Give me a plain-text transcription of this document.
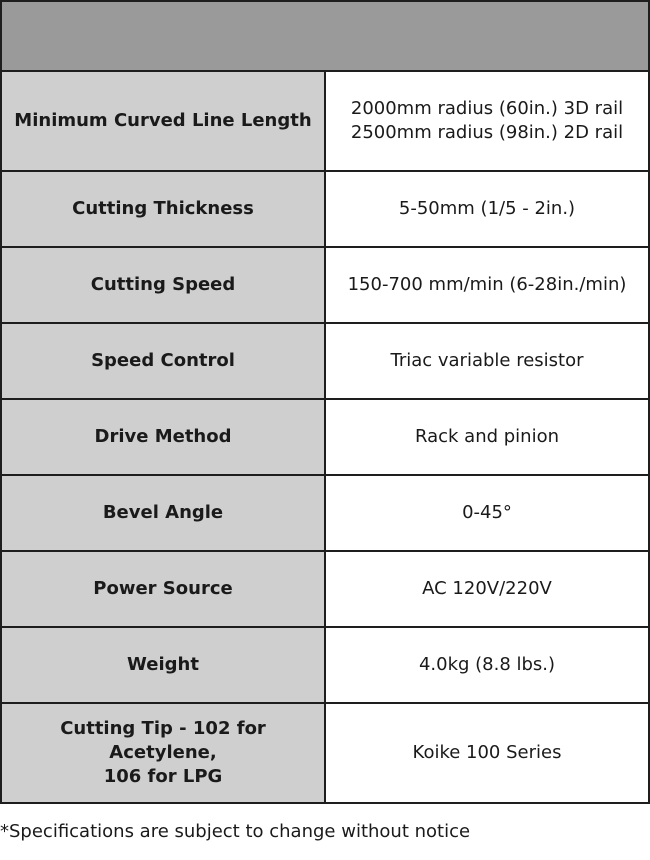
Minimum Curved Line Length	2000mm radius (60in.) 3D rail
2500mm radius (98in.) 2D rail

Cutting Thickness	5-50mm (1/5 - 2in.)

Cutting Speed	150-700 mm/min (6-28in./min)

Speed Control	Triac variable resistor

Drive Method	Rack and pinion

Bevel Angle	0-45°

Power Source	AC 120V/220V

Weight	4.0kg (8.8 lbs.)

Cutting Tip - 102 for Acetylene,
106 for LPG	Koike 100 Series
*Specifications are subject to change without notice
